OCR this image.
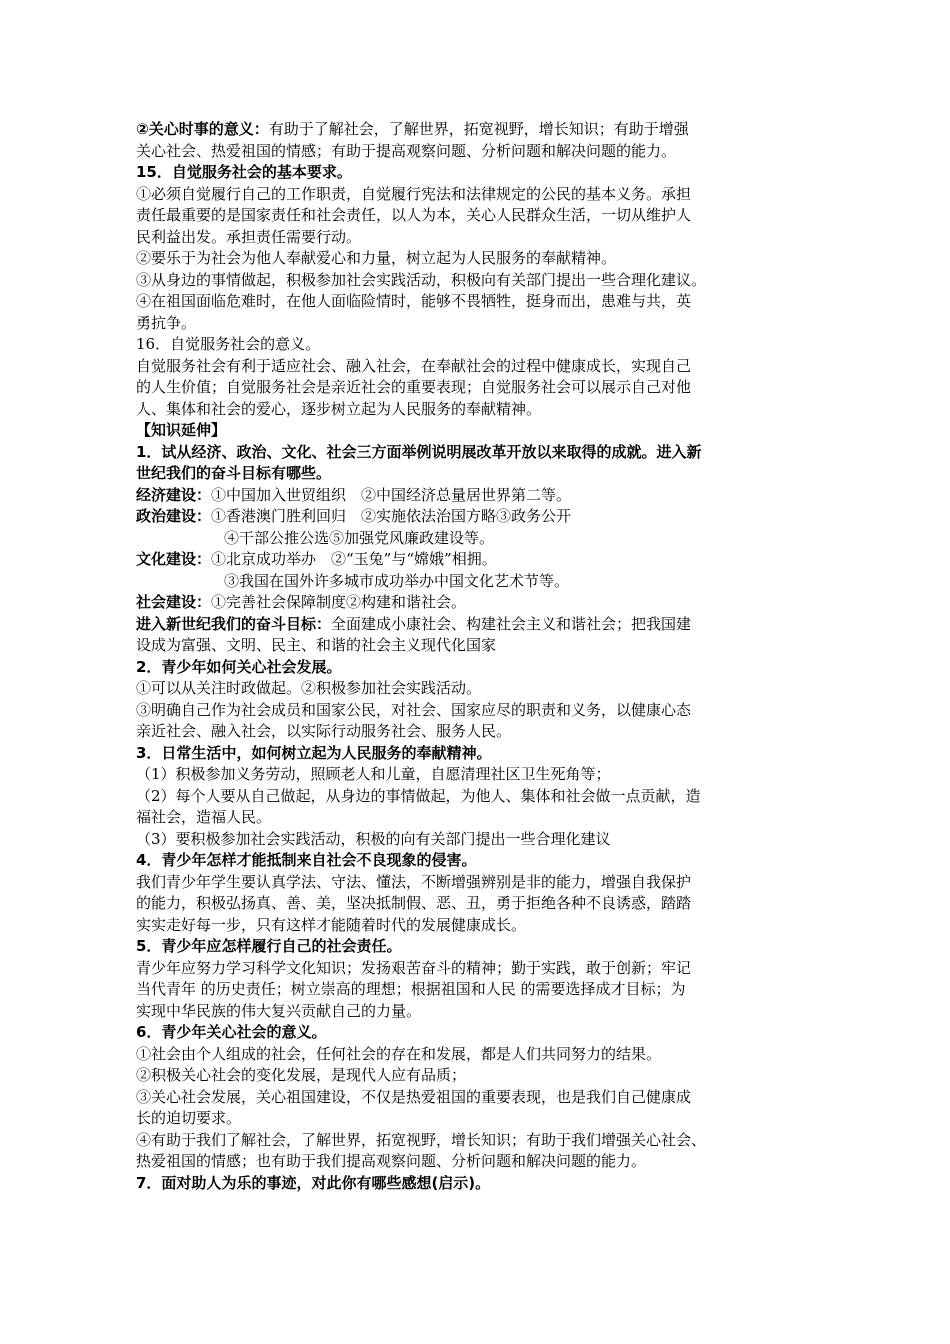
②关心时事的意义：有助于了解社会，了解世界，拓宽视野，增长知识；有助于增强
关心社会、热爱祖国的情感；有助于提高观察问题、分析问题和解决问题的能力。
15．自觉服务社会的基本要求。
①必须自觉履行自己的工作职责，自觉履行宪法和法律规定的公民的基本义务。承担
责任最重要的是国家责任和社会责任，以人为本，关心人民群众生活，一切从维护人
民利益出发。承担责任需要行动。
②要乐于为社会为他人奉献爱心和力量，树立起为人民服务的奉献精神。
③从身边的事情做起，积极参加社会实践活动，积极向有关部门提出一些合理化建议。
④在祖国面临危难时，在他人面临险情时，能够不畏牺牲，挺身而出，患难与共，英
勇抗争。
16．自觉服务社会的意义。
自觉服务社会有利于适应社会、融入社会，在奉献社会的过程中健康成长，实现自己
的人生价值；自觉服务社会是亲近社会的重要表现；自觉服务社会可以展示自己对他
人、集体和社会的爱心，逐步树立起为人民服务的奉献精神。
【知识延伸】
1．试从经济、政治、文化、社会三方面举例说明展改革开放以来取得的成就。进入新
世纪我们的奋斗目标有哪些。
经济建设：①中国加入世贸组织　②中国经济总量居世界第二等。
政治建设：①香港澳门胜利回归　②实施依法治国方略③政务公开
④干部公推公选⑤加强党风廉政建设等。
文化建设：①北京成功举办　②“玉兔”与“嫦娥”相拥。
③我国在国外许多城市成功举办中国文化艺术节等。
社会建设：①完善社会保障制度②构建和谐社会。
进入新世纪我们的奋斗目标：全面建成小康社会、构建社会主义和谐社会；把我国建
设成为富强、文明、民主、和谐的社会主义现代化国家
2．青少年如何关心社会发展。
①可以从关注时政做起。②积极参加社会实践活动。
③明确自己作为社会成员和国家公民，对社会、国家应尽的职责和义务，以健康心态
亲近社会、融入社会，以实际行动服务社会、服务人民。
3．日常生活中，如何树立起为人民服务的奉献精神。
（1）积极参加义务劳动，照顾老人和儿童，自愿清理社区卫生死角等；
（2）每个人要从自己做起，从身边的事情做起，为他人、集体和社会做一点贡献，造
福社会，造福人民。
（3）要积极参加社会实践活动，积极的向有关部门提出一些合理化建议
4．青少年怎样才能抵制来自社会不良现象的侵害。
我们青少年学生要认真学法、守法、懂法，不断增强辨别是非的能力，增强自我保护
的能力，积极弘扬真、善、美，坚决抵制假、恶、丑，勇于拒绝各种不良诱惑，踏踏
实实走好每一步，只有这样才能随着时代的发展健康成长。
5．青少年应怎样履行自己的社会责任。
青少年应努力学习科学文化知识；发扬艰苦奋斗的精神；勤于实践，敢于创新；牢记
当代青年 的历史责任；树立崇高的理想；根据祖国和人民 的需要选择成才目标；为
实现中华民族的伟大复兴贡献自己的力量。
6．青少年关心社会的意义。
①社会由个人组成的社会，任何社会的存在和发展，都是人们共同努力的结果。
②积极关心社会的变化发展，是现代人应有品质；
③关心社会发展，关心祖国建设，不仅是热爱祖国的重要表现，也是我们自己健康成
长的迫切要求。
④有助于我们了解社会，了解世界，拓宽视野，增长知识；有助于我们增强关心社会、
热爱祖国的情感；也有助于我们提高观察问题、分析问题和解决问题的能力。
7．面对助人为乐的事迹，对此你有哪些感想(启示)。
